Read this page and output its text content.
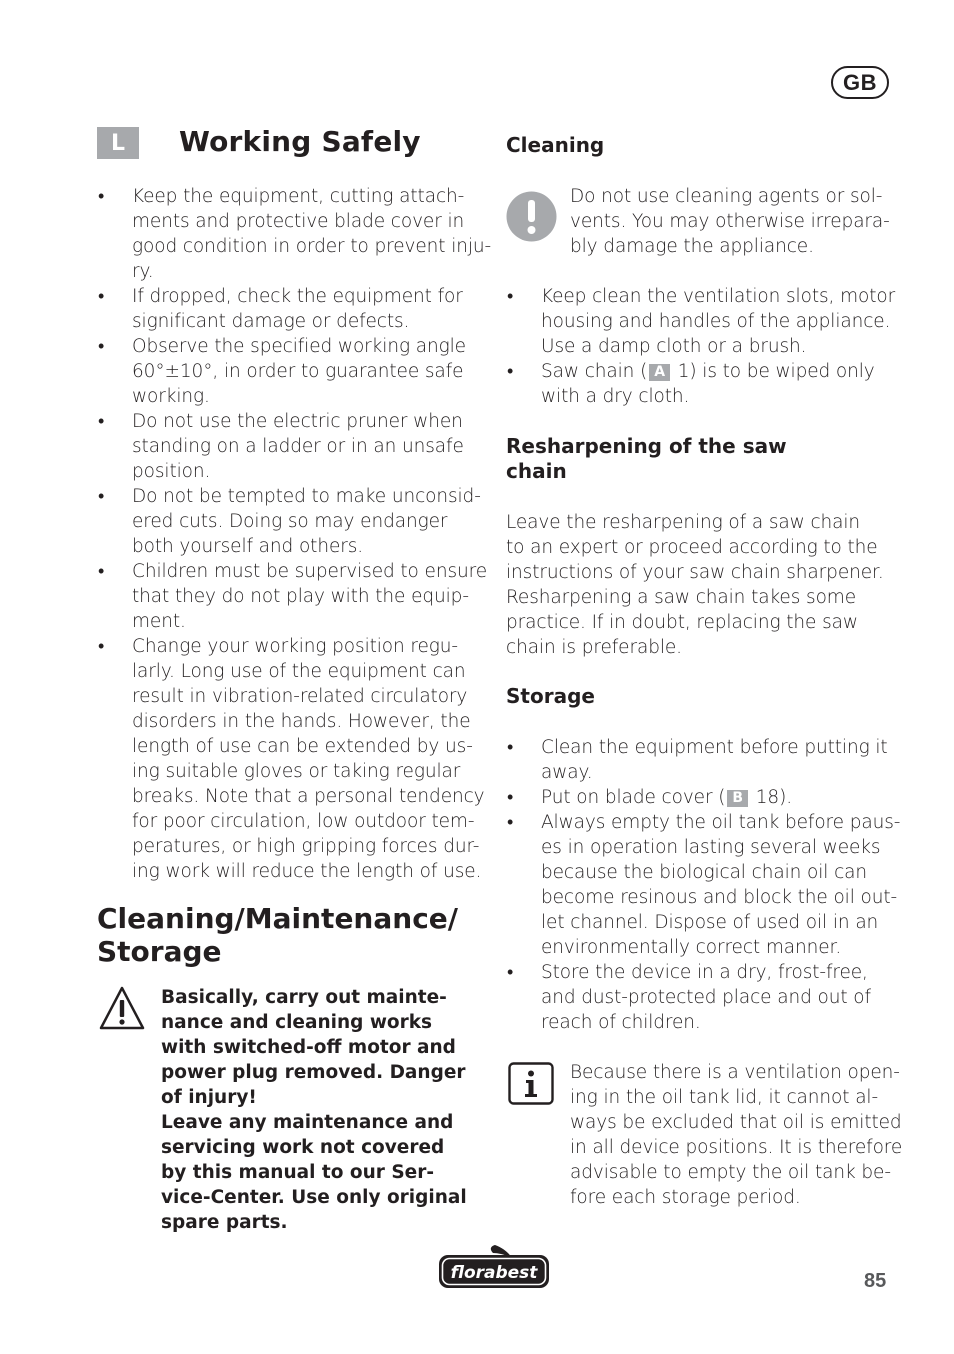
GB
L	Working Safely
• Keep the equipment, cutting attach-
ments and protective blade cover in
good condition in order to prevent inju-
ry.
• If dropped, check the equipment for
significant damage or defects.
• Observe the specified working angle
60°±10°, in order to guarantee safe
working.
• Do not use the electric pruner when
standing on a ladder or in an unsafe
position.
• Do not be tempted to make unconsid-
ered cuts. Doing so may endanger
both yourself and others.
• Children must be supervised to ensure
that they do not play with the equip-
ment.
• Change your working position regu-
larly. Long use of the equipment can
result in vibration-related circulatory
disorders in the hands. However, the
length of use can be extended by us-
ing suitable gloves or taking regular
breaks. Note that a personal tendency
for poor circulation, low outdoor tem-
peratures, or high gripping forces dur-
ing work will reduce the length of use.
Cleaning/Maintenance/
Storage
Basically, carry out mainte-
nance and cleaning works
with switched-off motor and
power plug removed. Danger
of injury!
Leave any maintenance and
servicing work not covered
by this manual to our Ser-
vice-Center. Use only original
spare parts.
Cleaning
Do not use cleaning agents or sol-
vents. You may otherwise irrepara-
bly damage the appliance.
• Keep clean the ventilation slots, motor
housing and handles of the appliance.
Use a damp cloth or a brush.
• Saw chain ( A 1) is to be wiped only
with a dry cloth.
Resharpening of the saw
chain
Leave the resharpening of a saw chain
to an expert or proceed according to the
instructions of your saw chain sharpener.
Resharpening a saw chain takes some
practice. If in doubt, replacing the saw
chain is preferable.
Storage
• Clean the equipment before putting it
away.
• Put on blade cover ( B 18).
• Always empty the oil tank before paus-
es in operation lasting several weeks
because the biological chain oil can
become resinous and block the oil out-
let channel. Dispose of used oil in an
environmentally correct manner.
• Store the device in a dry, frost-free,
and dust-protected place and out of
reach of children.
Because there is a ventilation open-
ing in the oil tank lid, it cannot al-
ways be excluded that oil is emitted
in all device positions. It is therefore
advisable to empty the oil tank be-
fore each storage period.
florabest	85
